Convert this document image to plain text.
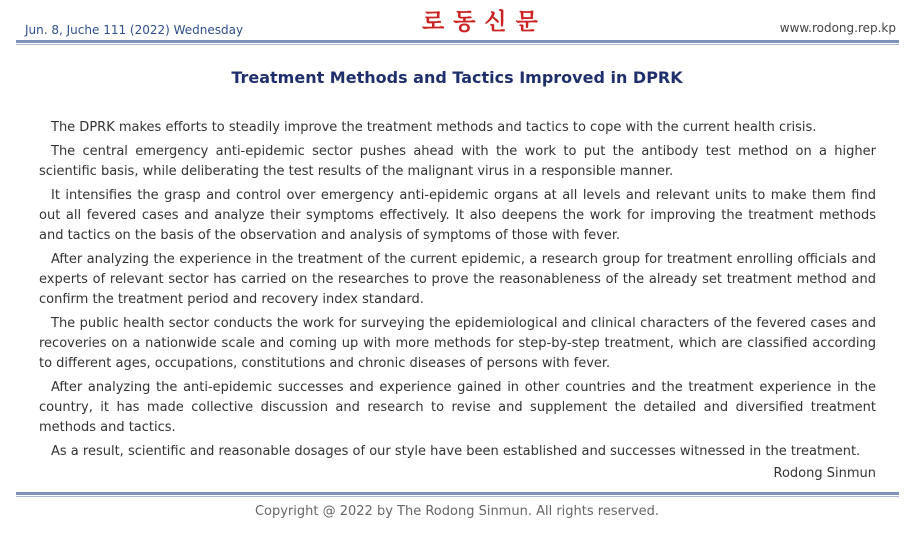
Jun. 8, Juche 111 (2022) Wednesday	로동신문	www.rodong.rep.kp
Treatment Methods and Tactics Improved in DPRK

The DPRK makes efforts to steadily improve the treatment methods and tactics to cope with the current health crisis.

The central emergency anti-epidemic sector pushes ahead with the work to put the antibody test method on a higher scientific basis, while deliberating the test results of the malignant virus in a responsible manner.

It intensifies the grasp and control over emergency anti-epidemic organs at all levels and relevant units to make them find out all fevered cases and analyze their symptoms effectively. It also deepens the work for improving the treatment methods and tactics on the basis of the observation and analysis of symptoms of those with fever.

After analyzing the experience in the treatment of the current epidemic, a research group for treatment enrolling officials and experts of relevant sector has carried on the researches to prove the reasonableness of the already set treatment method and confirm the treatment period and recovery index standard.

The public health sector conducts the work for surveying the epidemiological and clinical characters of the fevered cases and recoveries on a nationwide scale and coming up with more methods for step-by-step treatment, which are classified according to different ages, occupations, constitutions and chronic diseases of persons with fever.

After analyzing the anti-epidemic successes and experience gained in other countries and the treatment experience in the country, it has made collective discussion and research to revise and supplement the detailed and diversified treatment methods and tactics.

As a result, scientific and reasonable dosages of our style have been established and successes witnessed in the treatment.

Rodong Sinmun
Copyright @ 2022 by The Rodong Sinmun. All rights reserved.
